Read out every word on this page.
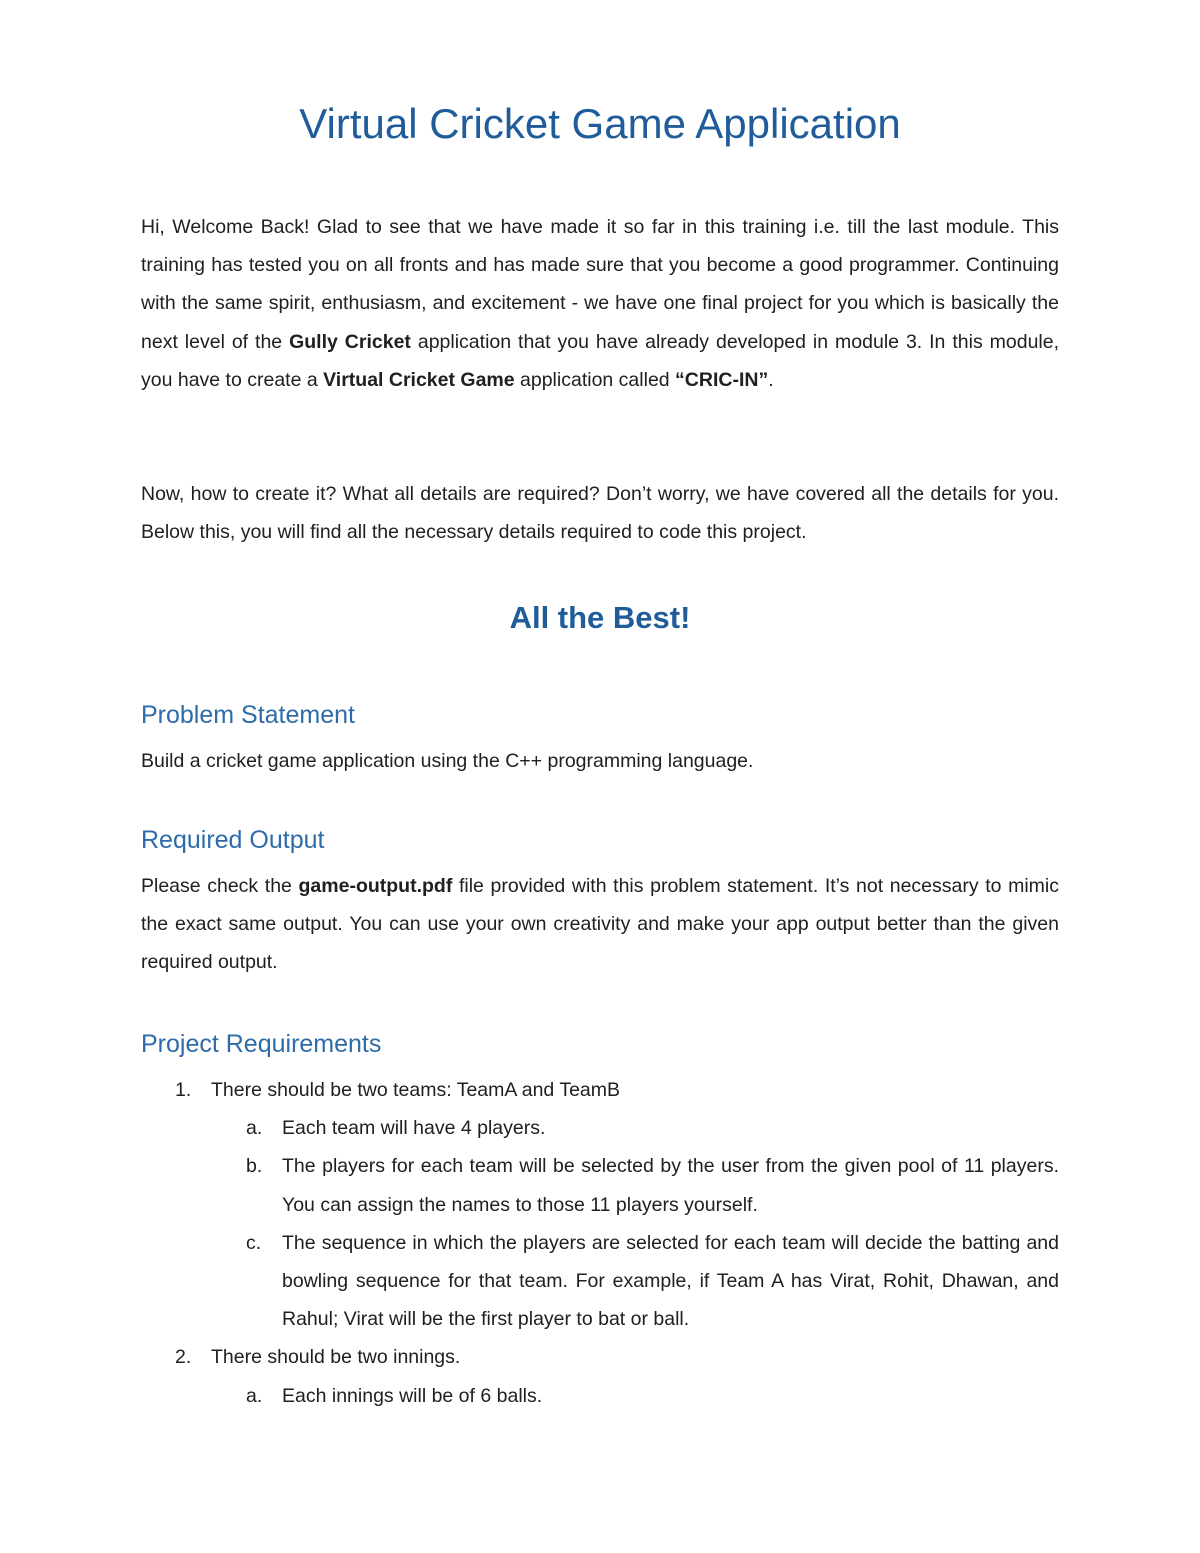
Virtual Cricket Game Application

Hi, Welcome Back! Glad to see that we have made it so far in this training i.e. till the last module. This training has tested you on all fronts and has made sure that you become a good programmer. Continuing with the same spirit, enthusiasm, and excitement - we have one final project for you which is basically the next level of the Gully Cricket application that you have already developed in module 3. In this module, you have to create a Virtual Cricket Game application called “CRIC-IN”.

Now, how to create it? What all details are required? Don’t worry, we have covered all the details for you. Below this, you will find all the necessary details required to code this project.

All the Best!
Problem Statement

Build a cricket game application using the C++ programming language.

Required Output

Please check the game-output.pdf file provided with this problem statement. It’s not necessary to mimic the exact same output. You can use your own creativity and make your app output better than the given required output.

Project Requirements
1. There should be two teams: TeamA and TeamB
a. Each team will have 4 players.
b. The players for each team will be selected by the user from the given pool of 11 players. You can assign the names to those 11 players yourself.
c. The sequence in which the players are selected for each team will decide the batting and bowling sequence for that team. For example, if Team A has Virat, Rohit, Dhawan, and Rahul; Virat will be the first player to bat or ball.
2. There should be two innings.
a. Each innings will be of 6 balls.
